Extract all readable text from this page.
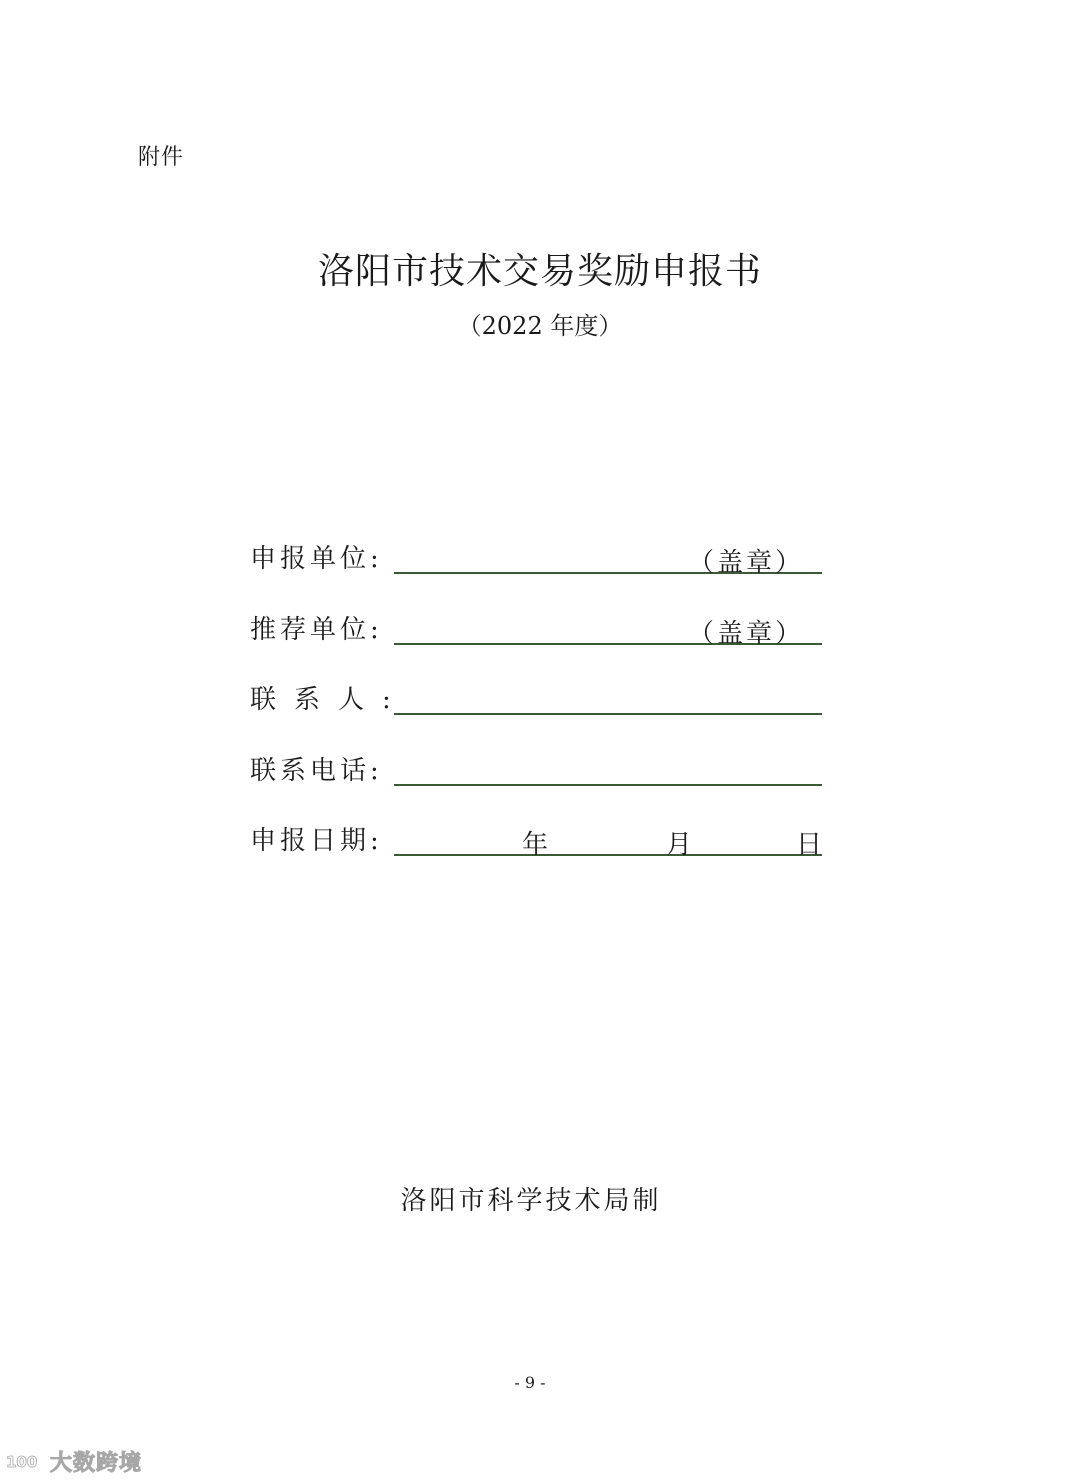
附件
洛阳市技术交易奖励申报书
（2022 年度）
申报单位:	（盖章）
推荐单位:	（盖章）
联系人:
联系电话:
申报日期:	年	月	日
洛阳市科学技术局制
- 9 -
100 大数跨境
